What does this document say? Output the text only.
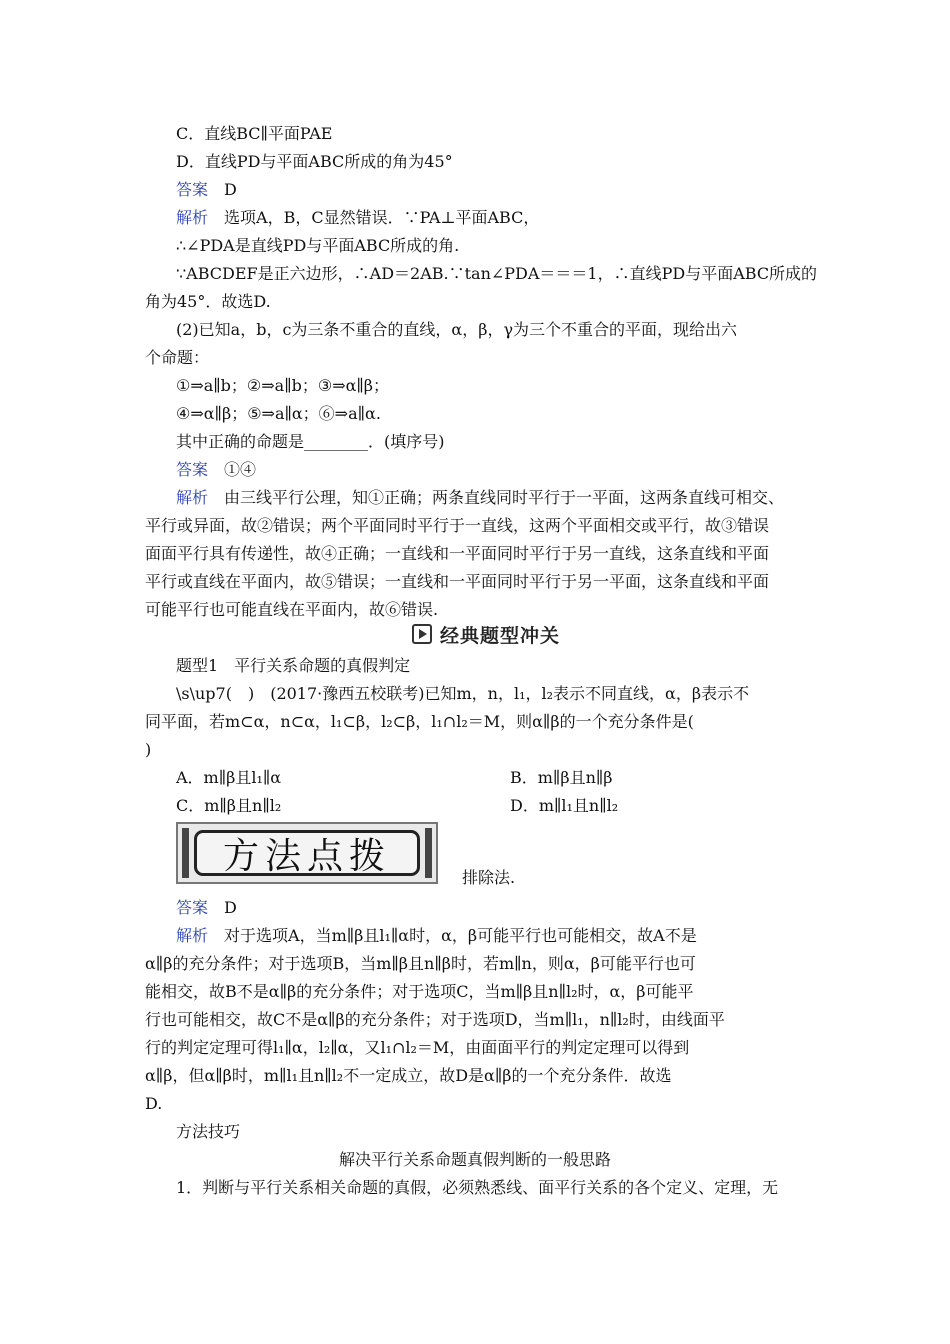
C．直线BC∥平面PAE
D．直线PD与平面ABC所成的角为45°
答案　D
解析　选项A，B，C显然错误．∵PA⊥平面ABC，
∴∠PDA是直线PD与平面ABC所成的角.
∵ABCDEF是正六边形，∴AD＝2AB.∵tan∠PDA＝＝＝1，∴直线PD与平面ABC所成的
角为45°．故选D.
(2)已知a，b，c为三条不重合的直线，α，β，γ为三个不重合的平面，现给出六
个命题：
①⇒a∥b；②⇒a∥b；③⇒α∥β；
④⇒α∥β；⑤⇒a∥α；⑥⇒a∥α.
其中正确的命题是________．(填序号)
答案　①④
解析　由三线平行公理，知①正确；两条直线同时平行于一平面，这两条直线可相交、
平行或异面，故②错误；两个平面同时平行于一直线，这两个平面相交或平行，故③错误
面面平行具有传递性，故④正确；一直线和一平面同时平行于另一直线，这条直线和平面
平行或直线在平面内，故⑤错误；一直线和一平面同时平行于另一平面，这条直线和平面
可能平行也可能直线在平面内，故⑥错误.
题型1　平行关系命题的真假判定
\s\up7(　)　(2017·豫西五校联考)已知m，n，l₁，l₂表示不同直线，α，β表示不
同平面，若m⊂α，n⊂α，l₁⊂β，l₂⊂β，l₁∩l₂＝M，则α∥β的一个充分条件是(
)
A．m∥β且l₁∥α
C．m∥β且n∥l₂
答案　D
解析　对于选项A，当m∥β且l₁∥α时，α，β可能平行也可能相交，故A不是
α∥β的充分条件；对于选项B，当m∥β且n∥β时，若m∥n，则α，β可能平行也可
能相交，故B不是α∥β的充分条件；对于选项C，当m∥β且n∥l₂时，α，β可能平
行也可能相交，故C不是α∥β的充分条件；对于选项D，当m∥l₁，n∥l₂时，由线面平
行的判定定理可得l₁∥α，l₂∥α，又l₁∩l₂＝M，由面面平行的判定定理可以得到
α∥β，但α∥β时，m∥l₁且n∥l₂不一定成立，故D是α∥β的一个充分条件．故选
D.
方法技巧
1．判断与平行关系相关命题的真假，必须熟悉线、面平行关系的各个定义、定理，无
B．m∥β且n∥β
D．m∥l₁且n∥l₂
经典题型冲关
方法点拨
排除法.
解决平行关系命题真假判断的一般思路
